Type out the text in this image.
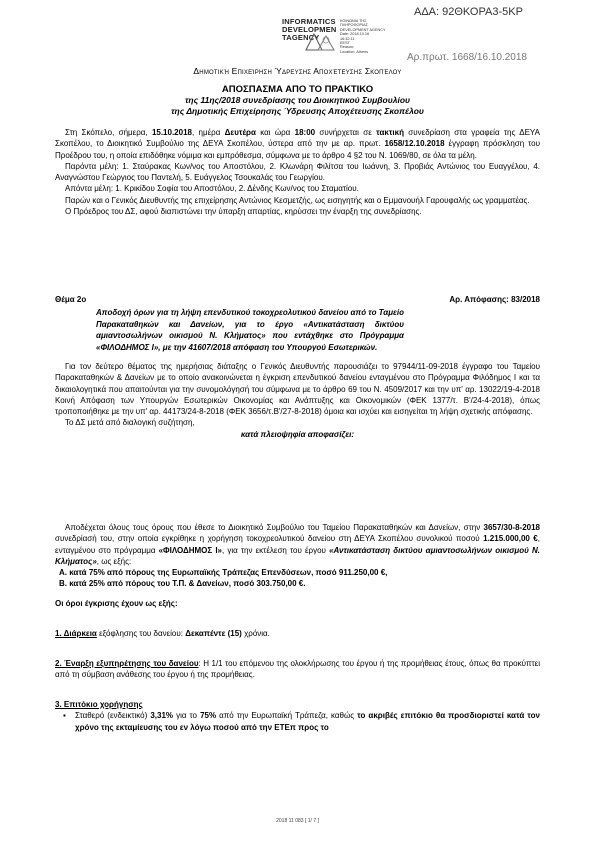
ΑΔΑ: 92ΘΚΟΡΑ3-5ΚΡ
INFORMATICS
DEVELOPMEN
TAGENCY
ΚΟΙΝΩΝΙΑ ΤΗΣ
ΠΛΗΡΟΦΟΡΙΑΣ
DEVELOPMENT AGENCY
Date: 2018.10.16
16:32:11
EEST
Reason:
Location: Athens
Αρ.πρωτ. 1668/16.10.2018
Δημοτική Επιχείρηση Ύδρευσης Αποχέτευσης Σκοπέλου
ΑΠΟΣΠΑΣΜΑ ΑΠΟ ΤΟ ΠΡΑΚΤΙΚΟ
της 11ης/2018 συνεδρίασης του Διοικητικού Συμβουλίου
της Δημοτικής Επιχείρησης Ύδρευσης Αποχέτευσης Σκοπέλου

Στη Σκόπελο, σήμερα, 15.10.2018, ημέρα Δευτέρα και ώρα 18:00 συνήρχεται σε τακτική συνεδρίαση στα γραφεία της ΔΕΥΑ Σκοπέλου, το Διοικητικό Συμβούλιο της ΔΕΥΑ Σκοπέλου, ύστερα από την με αρ. πρωτ. 1658/12.10.2018 έγγραφη πρόσκληση του Προέδρου του, η οποία επιδόθηκε νόμιμα και εμπρόθεσμα, σύμφωνα με το άρθρο 4 §2 του Ν. 1069/80, σε όλα τα μέλη.

Παρόντα μέλη: 1. Σταύρακας Κων/νος του Αποστόλου, 2. Κλωνάρη Φιλίτσα του Ιωάννη, 3. Προβιάς Αντώνιος του Ευαγγέλου, 4. Αναγνώστου Γεώργιος του Παντελή, 5. Ευάγγελος Τσουκαλάς του Γεωργίου.

Απόντα μέλη: 1. Κρικίδου Σοφία του Αποστόλου, 2. Δένδης Κων/νος του Σταματίου.

Παρών και ο Γενικός Διευθυντής της επιχείρησης Αντώνιος Κεσμετζής, ως εισηγητής και ο Εμμανουήλ Γαρουφαλής ως γραμματέας.

Ο Πρόεδρος του ΔΣ, αφού διαπιστώνει την ύπαρξη απαρτίας, κηρύσσει την έναρξη της συνεδρίασης.

Θέμα 2ο	Αρ. Απόφασης: 83/2018
Αποδοχή όρων για τη λήψη επενδυτικού τοκοχρεολυτικού δανείου από το Ταμείο Παρακαταθηκών και Δανείων, για το έργο «Αντικατάσταση δικτύου αμιαντοσωλήνων οικισμού Ν. Κλήματος» που εντάχθηκε στο Πρόγραμμα «ΦΙΛΟΔΗΜΟΣ Ι», με την 41607/2018 απόφαση του Υπουργού Εσωτερικών.

Για τον δεύτερο θέματος της ημερήσιας διάταξης ο Γενικός Διευθυντής παρουσιάζει το 97944/11-09-2018 έγγραφο του Ταμείου Παρακαταθηκών & Δανείων με το οποίο ανακοινώνεται η έγκριση επενδυτικού δανείου ενταγμένου στο Πρόγραμμα Φιλόδημος Ι και τα δικαιολογητικά που απαιτούνται για την συνομολόγησή του σύμφωνα με το άρθρο 69 του Ν. 4509/2017 και την υπ' αρ. 13022/19-4-2018 Κοινή Απόφαση των Υπουργών Εσωτερικών Οικονομίας και Ανάπτυξης και Οικονομικών (ΦΕΚ 1377/τ. Β'/24-4-2018), όπως τροποποιήθηκε με την υπ' αρ. 44173/24-8-2018 (ΦΕΚ 3656/τ.Β'/27-8-2018) όμοια και ισχύει και εισηγείται τη λήψη σχετικής απόφασης.

Το ΔΣ μετά από διαλογική συζήτηση,

κατά πλειοψηφία αποφασίζει:

Αποδέχεται όλους τους όρους που έθεσε το Διοικητικό Συμβούλιο του Ταμείου Παρακαταθηκών και Δανείων, στην 3657/30-8-2018 συνεδρίασή του, στην οποία εγκρίθηκε η χορήγηση τοκοχρεολυτικού δανείου στη ΔΕΥΑ Σκοπέλου συνολικού ποσού 1.215.000,00 €, ενταγμένου στο πρόγραμμα «ΦΙΛΟΔΗΜΟΣ Ι», για την εκτέλεση του έργου «Αντικατάσταση δικτύου αμιαντοσωλήνων οικισμού Ν. Κλήματος», ως εξής:

Α. κατά 75% από πόρους της Ευρωπαϊκής Τράπεζας Επενδύσεων, ποσό 911.250,00 €,

Β. κατά 25% από πόρους του Τ.Π. & Δανείων, ποσό 303.750,00 €.

Οι όροι έγκρισης έχουν ως εξής:

1. Διάρκεια εξόφλησης του δανείου: Δεκαπέντε (15) χρόνια.

2. Έναρξη εξυπηρέτησης του δανείου: Η 1/1 του επόμενου της ολοκλήρωσης του έργου ή της προμήθειας έτους, όπως θα προκύπτει από τη σύμβαση ανάθεσης του έργου ή της προμήθειας.

3. Επιτόκιο χορήγησης

▪ Σταθερό (ενδεικτικό) 3,31% για το 75% από την Ευρωπαϊκή Τράπεζα, καθώς το ακριβές επιτόκιο θα προσδιοριστεί κατά τον χρόνο της εκταμίευσης του εν λόγω ποσού από την ΕΤΕπ προς το
2018 11 083 [ 1/ 7 ]
